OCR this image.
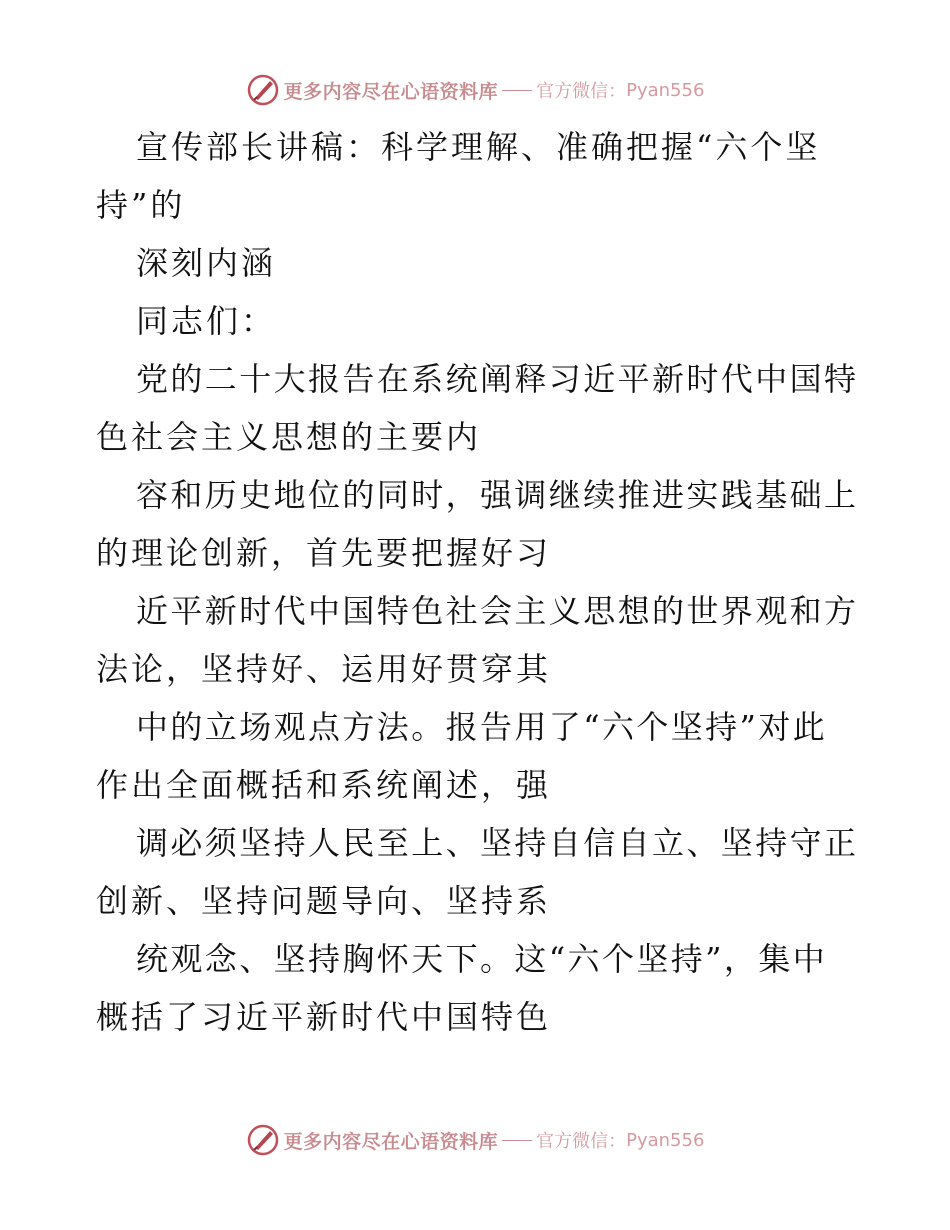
更多内容尽在心语资料库 官方微信： Pyan556
宣传部长讲稿：科学理解、准确把握“六个坚
持”的
深刻内涵
同志们：
党的二十大报告在系统阐释习近平新时代中国特
色社会主义思想的主要内
容和历史地位的同时，强调继续推进实践基础上
的理论创新，首先要把握好习
近平新时代中国特色社会主义思想的世界观和方
法论，坚持好、运用好贯穿其
中的立场观点方法。报告用了“六个坚持”对此
作出全面概括和系统阐述，强
调必须坚持人民至上、坚持自信自立、坚持守正
创新、坚持问题导向、坚持系
统观念、坚持胸怀天下。这“六个坚持”，集中
概括了习近平新时代中国特色
更多内容尽在心语资料库 官方微信： Pyan556
